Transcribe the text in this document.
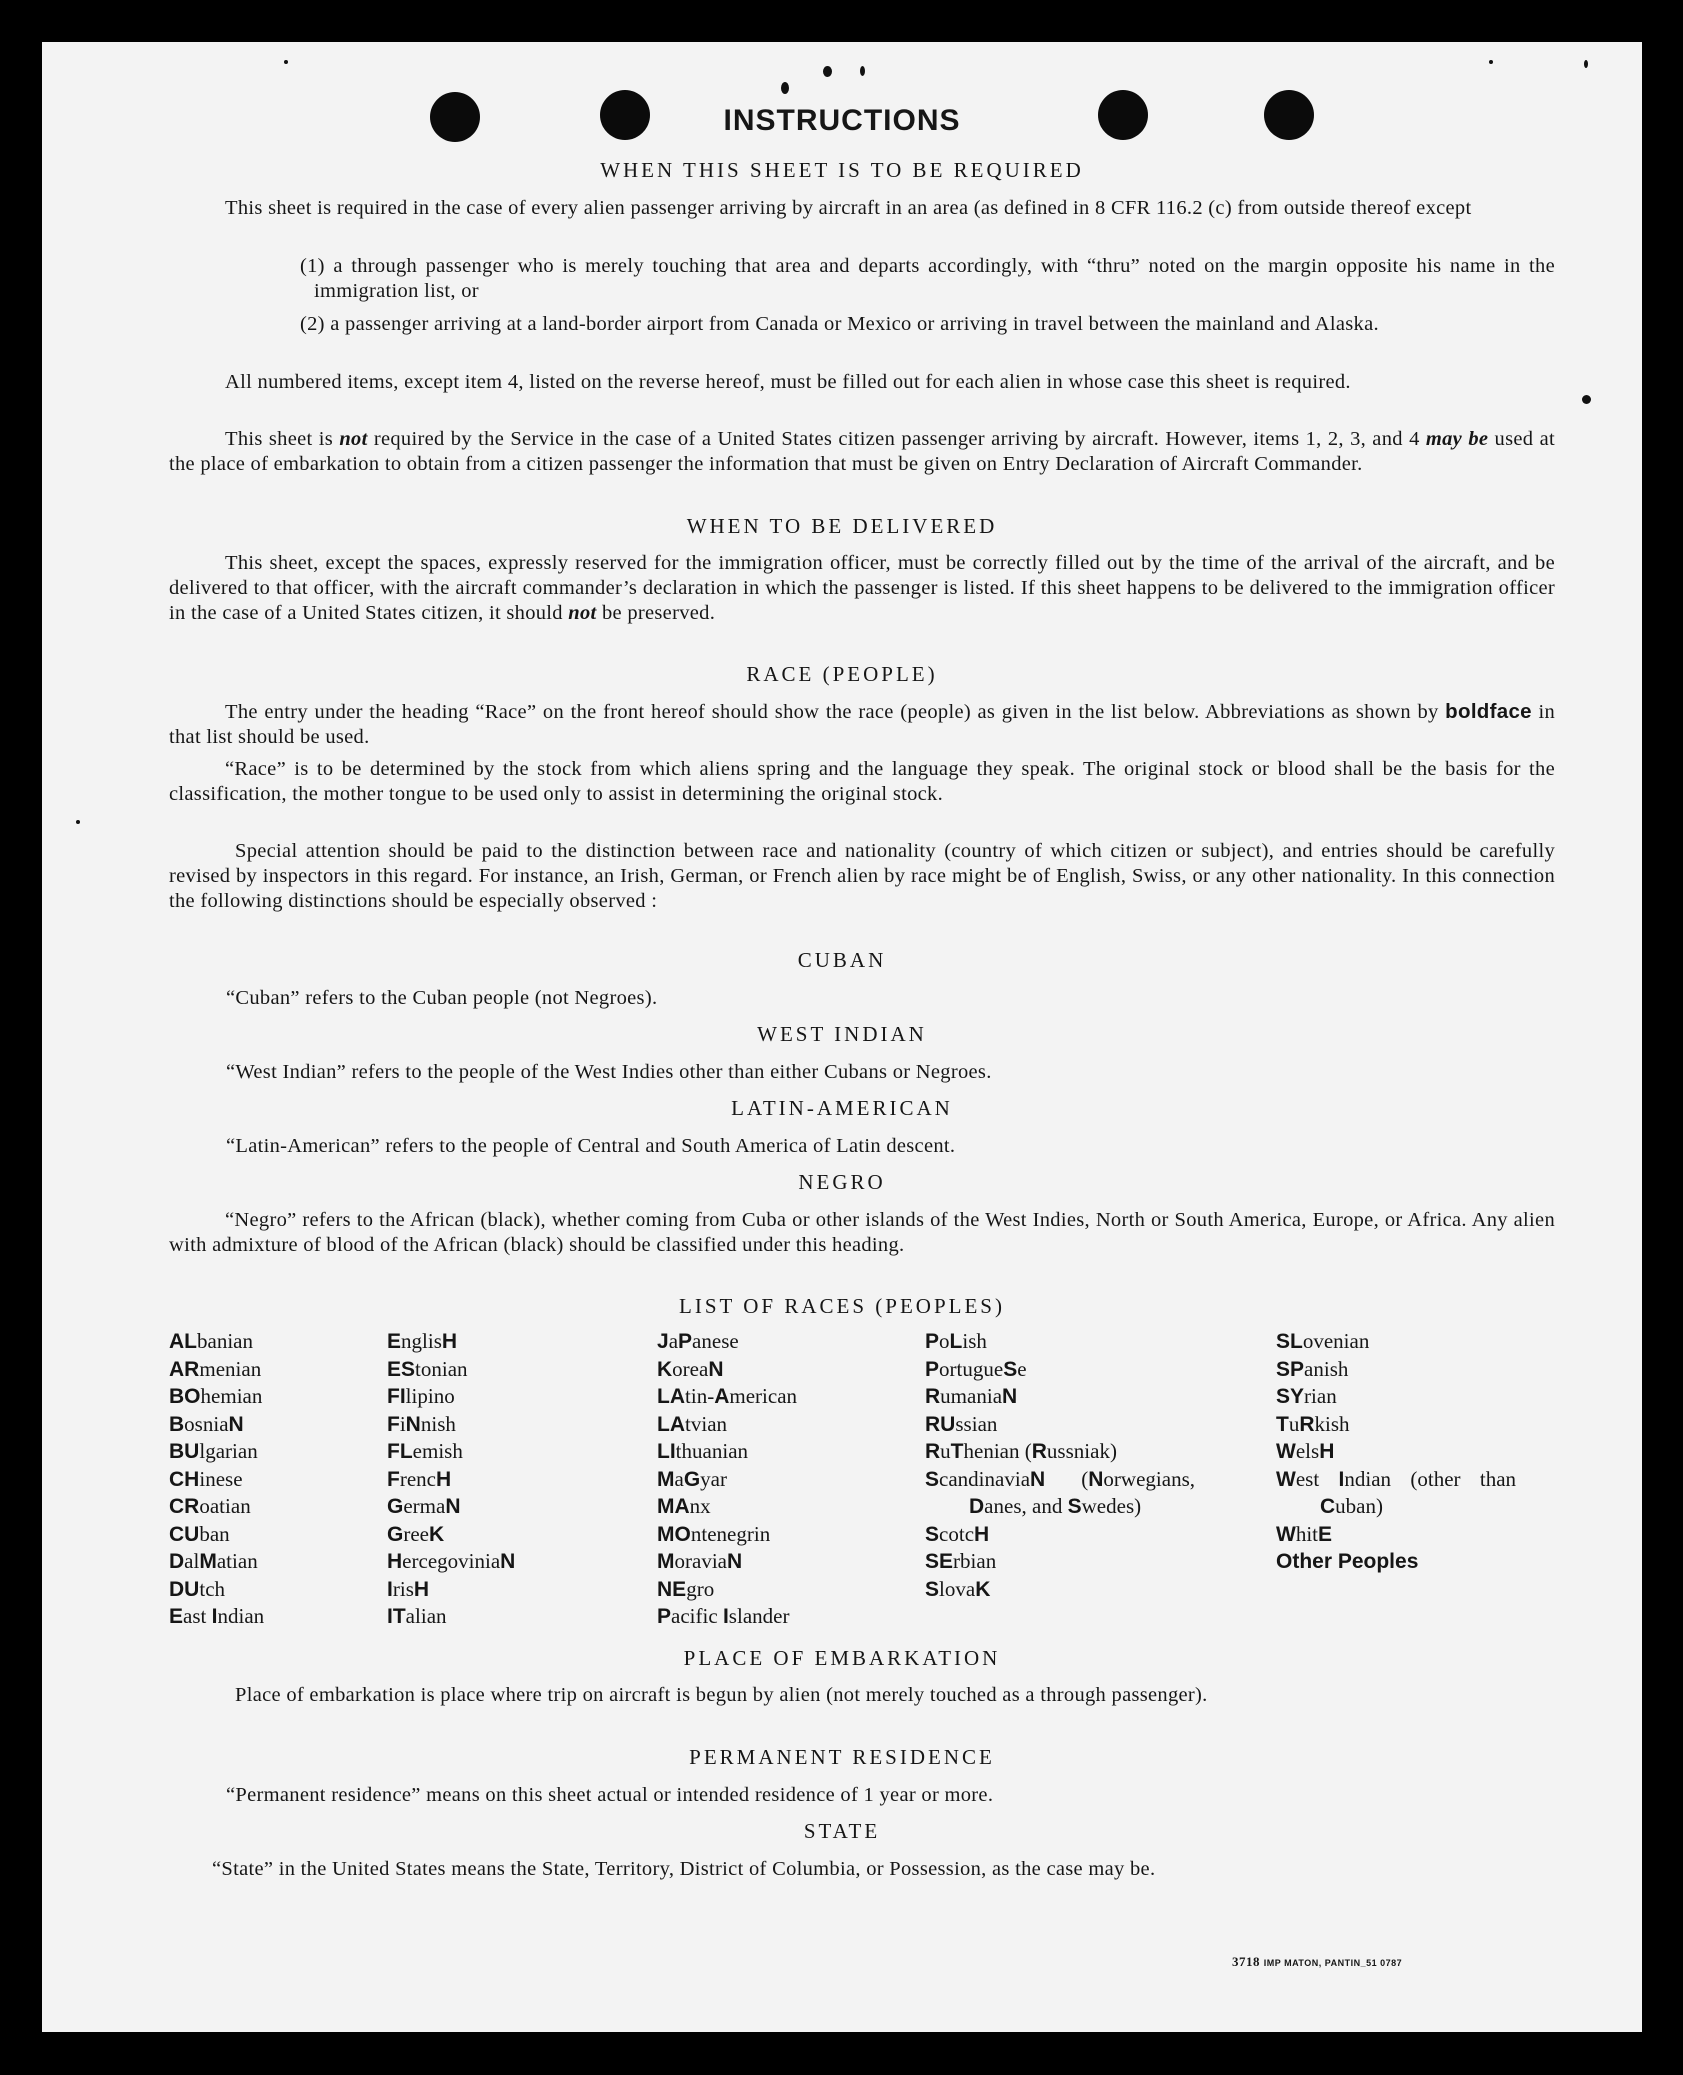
INSTRUCTIONS
WHEN THIS SHEET IS TO BE REQUIRED
This sheet is required in the case of every alien passenger arriving by aircraft in an area (as defined in 8 CFR 116.2 (c) from outside thereof except
(1) a through passenger who is merely touching that area and departs accordingly, with “thru” noted on the margin opposite his name in the immigration list, or
(2) a passenger arriving at a land-border airport from Canada or Mexico or arriving in travel between the mainland and Alaska.
All numbered items, except item 4, listed on the reverse hereof, must be filled out for each alien in whose case this sheet is required.
This sheet is not required by the Service in the case of a United States citizen passenger arriving by aircraft. However, items 1, 2, 3, and 4 may be used at the place of embarkation to obtain from a citizen passenger the information that must be given on Entry Declaration of Aircraft Commander.
WHEN TO BE DELIVERED
This sheet, except the spaces, expressly reserved for the immigration officer, must be correctly filled out by the time of the arrival of the aircraft, and be delivered to that officer, with the aircraft commander’s declaration in which the passenger is listed. If this sheet happens to be delivered to the immigration officer in the case of a United States citizen, it should not be preserved.
RACE (PEOPLE)
The entry under the heading “Race” on the front hereof should show the race (people) as given in the list below. Abbreviations as shown by boldface in that list should be used.
“Race” is to be determined by the stock from which aliens spring and the language they speak. The original stock or blood shall be the basis for the classification, the mother tongue to be used only to assist in determining the original stock.
Special attention should be paid to the distinction between race and nationality (country of which citizen or subject), and entries should be carefully revised by inspectors in this regard. For instance, an Irish, German, or French alien by race might be of English, Swiss, or any other nationality. In this connection the following distinctions should be especially observed :
CUBAN
“Cuban” refers to the Cuban people (not Negroes).
WEST INDIAN
“West Indian” refers to the people of the West Indies other than either Cubans or Negroes.
LATIN-AMERICAN
“Latin-American” refers to the people of Central and South America of Latin descent.
NEGRO
“Negro” refers to the African (black), whether coming from Cuba or other islands of the West Indies, North or South America, Europe, or Africa. Any alien with admixture of blood of the African (black) should be classified under this heading.
LIST OF RACES (PEOPLES)
ALbanian
ARmenian
BOhemian
BosniaN
BUlgarian
CHinese
CRoatian
CUban
DalMatian
DUtch
East Indian
EnglisH
EStonian
FIlipino
FiNnish
FLemish
FrencH
GermaN
GreeK
HercegoviniaN
IrisH
ITalian
JaPanese
KoreaN
LAtin-American
LAtvian
LIthuanian
MaGyar
MAnx
MOntenegrin
MoraviaN
NEgro
Pacific Islander
PoLish
PortugueSe
RumaniaN
RUssian
RuThenian (Russniak)
ScandinaviaN (Norwegians, Danes, and Swedes)
ScotcH
SErbian
SlovaK
SLovenian
SPanish
SYrian
TuRkish
WelsH
West Indian (other than Cuban)
WhitE
Other Peoples
PLACE OF EMBARKATION
Place of embarkation is place where trip on aircraft is begun by alien (not merely touched as a through passenger).
PERMANENT RESIDENCE
“Permanent residence” means on this sheet actual or intended residence of 1 year or more.
STATE
“State” in the United States means the State, Territory, District of Columbia, or Possession, as the case may be.
3718 IMP MATON, PANTIN_51 0787
